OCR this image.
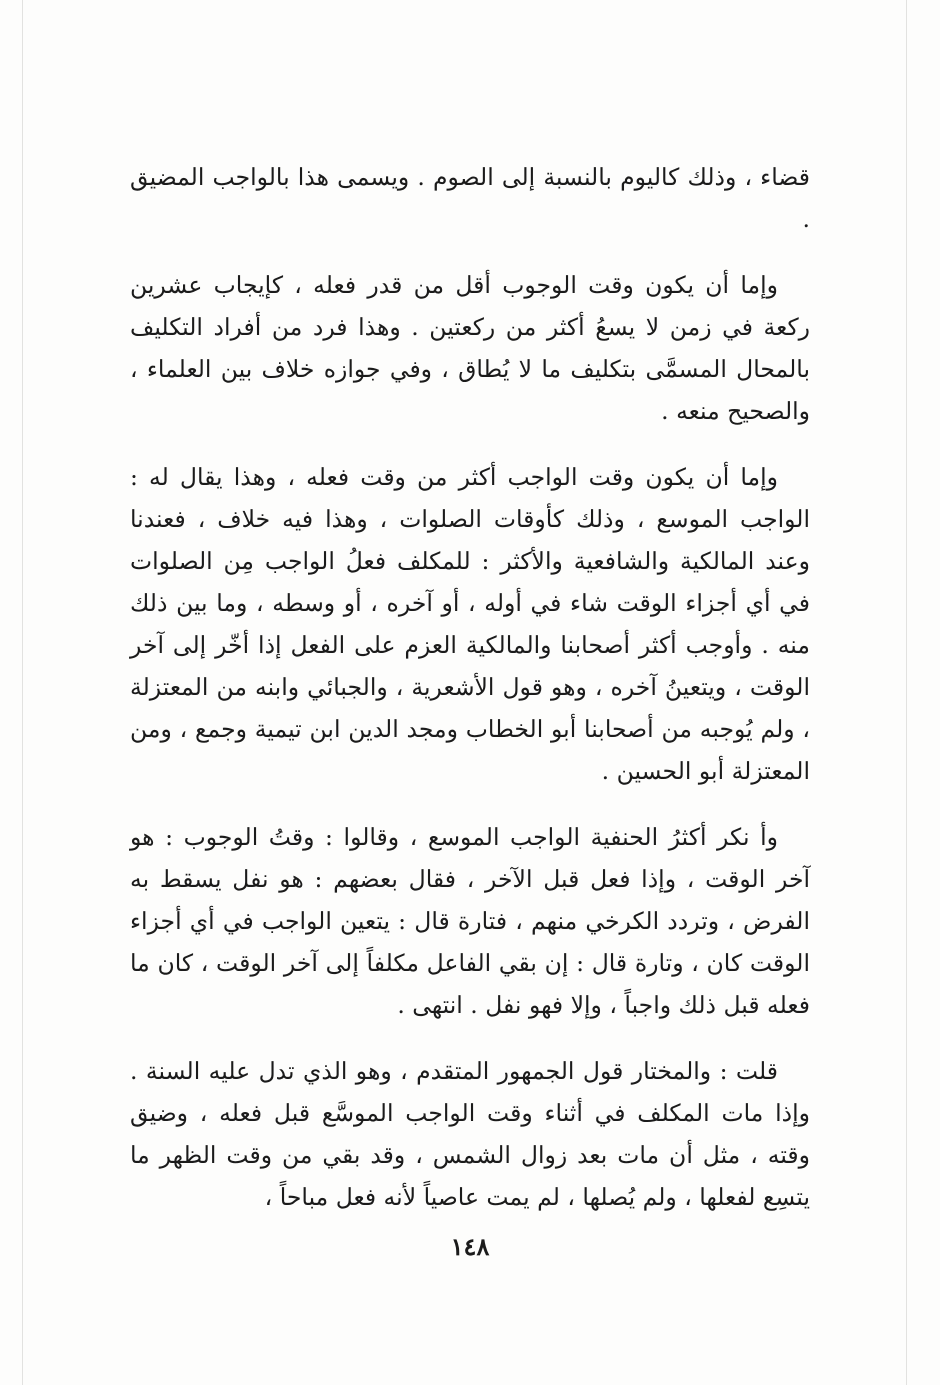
قضاء ، وذلك كاليوم بالنسبة إلى الصوم . ويسمى هذا بالواجب المضيق .

وإما أن يكون وقت الوجوب أقل من قدر فعله ، كإيجاب عشرين ركعة في زمن لا يسعُ أكثر من ركعتين . وهذا فرد من أفراد التكليف بالمحال المسمَّى بتكليف ما لا يُطاق ، وفي جوازه خلاف بين العلماء ، والصحيح منعه .

وإما أن يكون وقت الواجب أكثر من وقت فعله ، وهذا يقال له : الواجب الموسع ، وذلك كأوقات الصلوات ، وهذا فيه خلاف ، فعندنا وعند المالكية والشافعية والأكثر : للمكلف فعلُ الواجب مِن الصلوات في أي أجزاء الوقت شاء في أوله ، أو آخره ، أو وسطه ، وما بين ذلك منه . وأوجب أكثر أصحابنا والمالكية العزم على الفعل إذا أخّر إلى آخر الوقت ، ويتعينُ آخره ، وهو قول الأشعرية ، والجبائي وابنه من المعتزلة ، ولم يُوجبه من أصحابنا أبو الخطاب ومجد الدين ابن تيمية وجمع ، ومن المعتزلة أبو الحسين .

وأ نكر أكثرُ الحنفية الواجب الموسع ، وقالوا : وقتُ الوجوب : هو آخر الوقت ، وإذا فعل قبل الآخر ، فقال بعضهم : هو نفل يسقط به الفرض ، وتردد الكرخي منهم ، فتارة قال : يتعين الواجب في أي أجزاء الوقت كان ، وتارة قال : إن بقي الفاعل مكلفاً إلى آخر الوقت ، كان ما فعله قبل ذلك واجباً ، وإلا فهو نفل . انتهى .

قلت : والمختار قول الجمهور المتقدم ، وهو الذي تدل عليه السنة . وإذا مات المكلف في أثناء وقت الواجب الموسَّع قبل فعله ، وضيق وقته ، مثل أن مات بعد زوال الشمس ، وقد بقي من وقت الظهر ما يتسِع لفعلها ، ولم يُصلها ، لم يمت عاصياً لأنه فعل مباحاً ،

١٤٨
